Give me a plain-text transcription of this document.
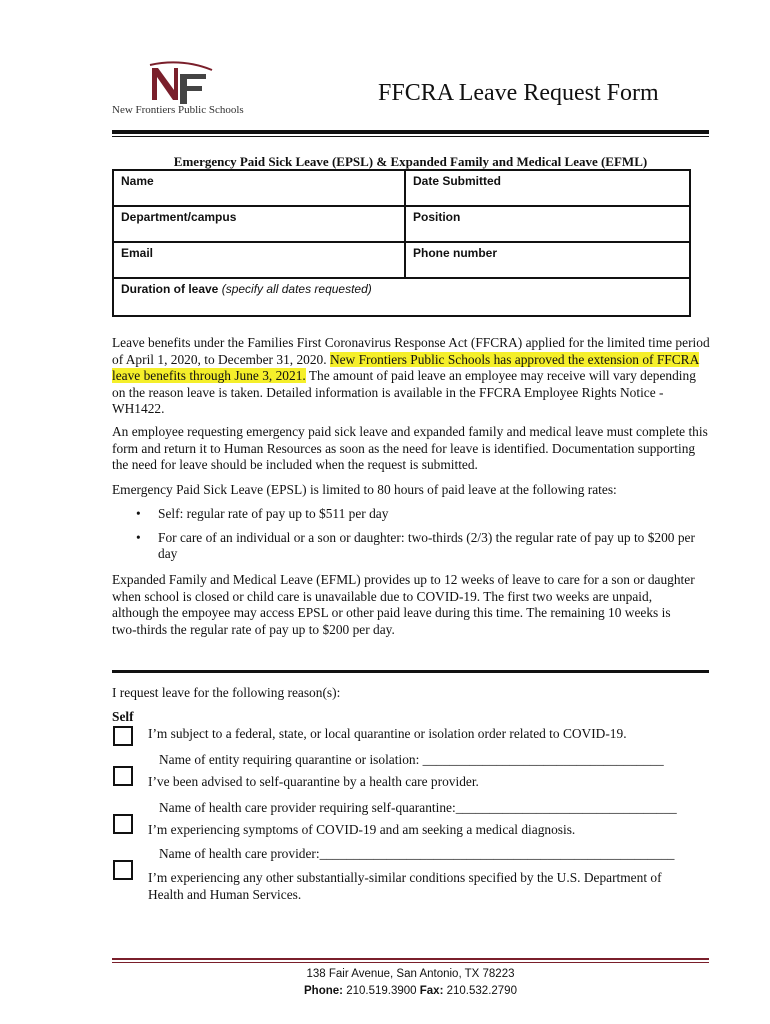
New Frontiers Public Schools
FFCRA Leave Request Form
Emergency Paid Sick Leave (EPSL) & Expanded Family and Medical Leave (EFML)
Name	Date Submitted
Department/campus	Position
Email	Phone number
Duration of leave (specify all dates requested)
Leave benefits under the Families First Coronavirus Response Act (FFCRA) applied for the limited time period of April 1, 2020, to December 31, 2020. New Frontiers Public Schools has approved the extension of FFCRA leave benefits through June 3, 2021. The amount of paid leave an employee may receive will vary depending on the reason leave is taken. Detailed information is available in the FFCRA Employee Rights Notice - WH1422.
An employee requesting emergency paid sick leave and expanded family and medical leave must complete this form and return it to Human Resources as soon as the need for leave is identified. Documentation supporting the need for leave should be included when the request is submitted.
Emergency Paid Sick Leave (EPSL) is limited to 80 hours of paid leave at the following rates:
• Self: regular rate of pay up to $511 per day
• For care of an individual or a son or daughter: two-thirds (2/3) the regular rate of pay up to $200 per day
Expanded Family and Medical Leave (EFML) provides up to 12 weeks of leave to care for a son or daughter when school is closed or child care is unavailable due to COVID-19. The first two weeks are unpaid, although the empoyee may access EPSL or other paid leave during this time. The remaining 10 weeks is two-thirds the regular rate of pay up to $200 per day.
I request leave for the following reason(s):
Self
I’m subject to a federal, state, or local quarantine or isolation order related to COVID-19.
Name of entity requiring quarantine or isolation: ____________________________________
I’ve been advised to self-quarantine by a health care provider.
Name of health care provider requiring self-quarantine:_________________________________
I’m experiencing symptoms of COVID-19 and am seeking a medical diagnosis.
Name of health care provider:_____________________________________________________
I’m experiencing any other substantially-similar conditions specified by the U.S. Department of Health and Human Services.
138 Fair Avenue, San Antonio, TX 78223
Phone: 210.519.3900 Fax: 210.532.2790
